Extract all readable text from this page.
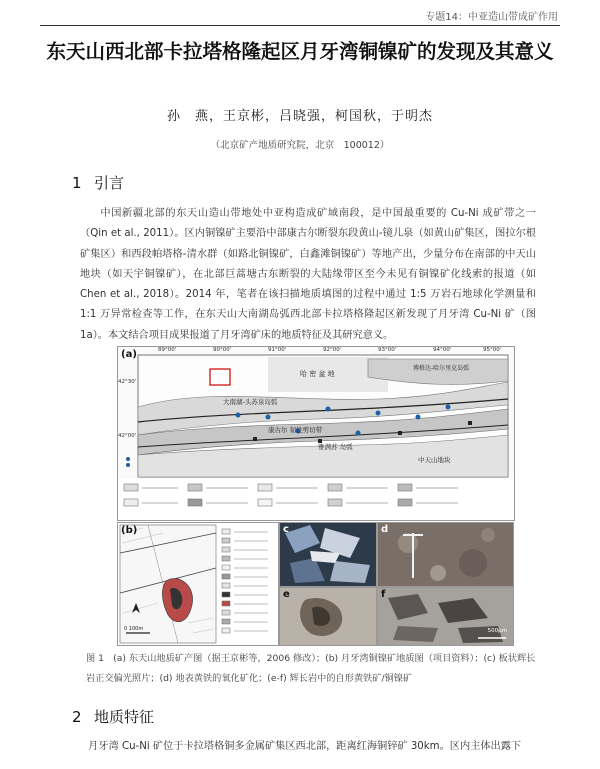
专题14：中亚造山带成矿作用
东天山西北部卡拉塔格隆起区月牙湾铜镍矿的发现及其意义
孙　燕，王京彬，吕晓强，柯国秋，于明杰
（北京矿产地质研究院，北京　100012）
1 引言
中国新疆北部的东天山造山带地处中亚构造成矿域南段，是中国最重要的 Cu-Ni 成矿带之一（Qin et al., 2011）。区内铜镍矿主要沿中部康古尔断裂东段黄山-镜儿泉（如黄山矿集区，图拉尔根矿集区）和西段帕塔格-清水群（如路北铜镍矿，白鑫滩铜镍矿）等地产出，少量分布在南部的中天山地块（如天宇铜镍矿），在北部巨蒿塘古东断裂的大陆缘带区至今未见有铜镍矿化线索的报道（如 Chen et al., 2018）。2014 年，笔者在该扫描地质填图的过程中通过 1:5 万岩石地球化学测量和 1:1 万异常检查等工作，在东天山大南湖岛弧西北部卡拉塔格隆起区新发现了月牙湾 Cu-Ni 矿（图 1a）。本文结合项目成果报道了月牙湾矿床的地质特征及其研究意义。
(a)
42°30'
42°00'
89°00'	90°00'	91°00'	92°00'	93°00'	94°00'	95°00'
哈 密 盆 地
大南湖-头苏泉岛弧
康古尔 韧性剪切带
雅满苏 岛弧
中天山地块
博格达-哈尔里克岛弧
(b)
0 100m
c	d
e	f
500μm
图 1　(a) 东天山地质矿产图（据王京彬等，2006 修改）；(b) 月牙湾铜镍矿地质图（项目资料）；(c) 板状辉长岩正交偏光照片；(d) 地表黄铁的氧化矿化；(e-f) 辉长岩中的自形黄铁矿/铜镍矿
2 地质特征
月牙湾 Cu-Ni 矿位于卡拉塔格铜多金属矿集区西北部，距离红海铜锌矿 30km。区内主体出露下
